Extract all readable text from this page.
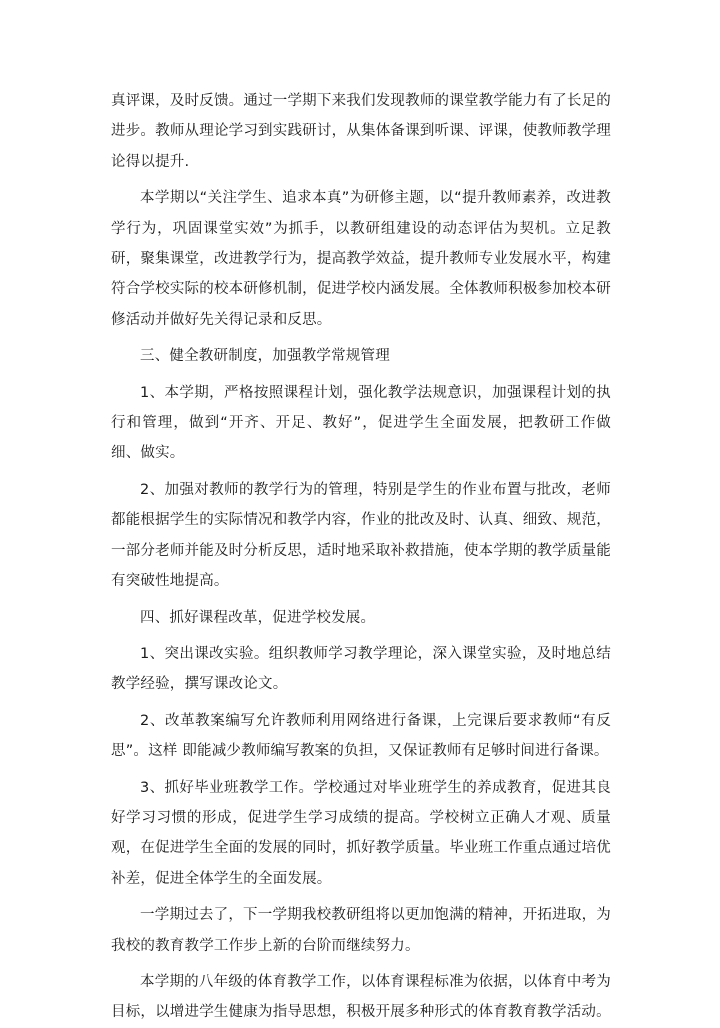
真评课，及时反馈。通过一学期下来我们发现教师的课堂教学能力有了长足的进步。教师从理论学习到实践研讨，从集体备课到听课、评课，使教师教学理论得以提升.

本学期以“关注学生、追求本真”为研修主题，以“提升教师素养，改进教学行为，巩固课堂实效”为抓手，以教研组建设的动态评估为契机。立足教研，聚集课堂，改进教学行为，提高教学效益，提升教师专业发展水平，构建符合学校实际的校本研修机制，促进学校内涵发展。全体教师积极参加校本研修活动并做好先关得记录和反思。

三、健全教研制度，加强教学常规管理

1、本学期，严格按照课程计划，强化教学法规意识，加强课程计划的执行和管理，做到“开齐、开足、教好”，促进学生全面发展，把教研工作做细、做实。

2、加强对教师的教学行为的管理，特别是学生的作业布置与批改，老师都能根据学生的实际情况和教学内容，作业的批改及时、认真、细致、规范，一部分老师并能及时分析反思，适时地采取补救措施，使本学期的教学质量能有突破性地提高。

四、抓好课程改革，促进学校发展。

1、突出课改实验。组织教师学习教学理论，深入课堂实验，及时地总结教学经验，撰写课改论文。

2、改革教案编写允许教师利用网络进行备课，上完课后要求教师“有反思”。这样 即能减少教师编写教案的负担，又保证教师有足够时间进行备课。

3、抓好毕业班教学工作。学校通过对毕业班学生的养成教育，促进其良好学习习惯的形成，促进学生学习成绩的提高。学校树立正确人才观、质量观，在促进学生全面的发展的同时，抓好教学质量。毕业班工作重点通过培优补差，促进全体学生的全面发展。

一学期过去了，下一学期我校教研组将以更加饱满的精神，开拓进取，为我校的教育教学工作步上新的台阶而继续努力。

本学期的八年级的体育教学工作，以体育课程标准为依据，以体育中考为目标，以增进学生健康为指导思想，积极开展多种形式的体育教育教学活动。
